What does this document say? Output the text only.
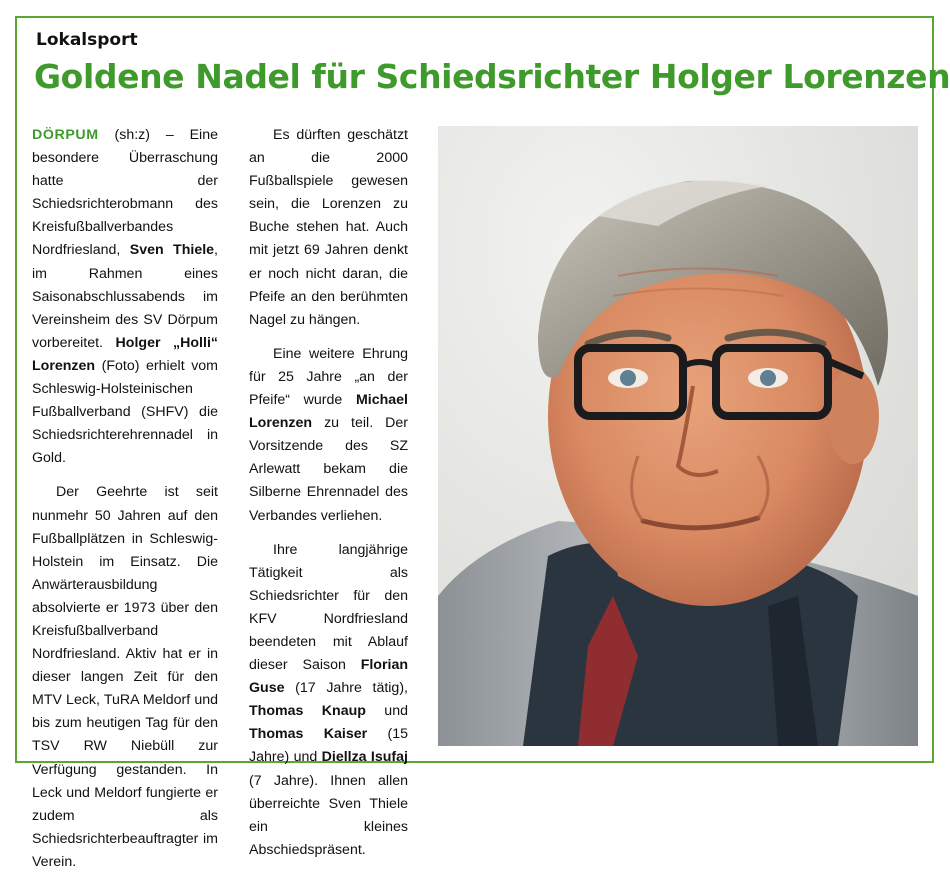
Lokalsport
Goldene Nadel für Schiedsrichter Holger Lorenzen

DÖRPUM (sh:z) – Eine besondere Überraschung hatte der Schiedsrichterobmann des Kreisfußballverbandes Nordfriesland, Sven Thiele, im Rahmen eines Saisonabschlussabends im Vereinsheim des SV Dörpum vorbereitet. Holger „Holli“ Lorenzen (Foto) erhielt vom Schleswig-Holsteinischen Fußballverband (SHFV) die Schiedsrichterehrennadel in Gold.

Der Geehrte ist seit nunmehr 50 Jahren auf den Fußballplätzen in Schleswig-Holstein im Einsatz. Die Anwärterausbildung absolvierte er 1973 über den Kreisfußballverband Nordfriesland. Aktiv hat er in dieser langen Zeit für den MTV Leck, TuRA Meldorf und bis zum heutigen Tag für den TSV RW Niebüll zur Verfügung gestanden. In Leck und Meldorf fungierte er zudem als Schiedsrichterbeauftragter im Verein.

Es dürften geschätzt an die 2000 Fußballspiele gewesen sein, die Lorenzen zu Buche stehen hat. Auch mit jetzt 69 Jahren denkt er noch nicht daran, die Pfeife an den berühmten Nagel zu hängen.

Eine weitere Ehrung für 25 Jahre „an der Pfeife“ wurde Michael Lorenzen zu teil. Der Vorsitzende des SZ Arlewatt bekam die Silberne Ehrennadel des Verbandes verliehen.

Ihre langjährige Tätigkeit als Schiedsrichter für den KFV Nordfriesland beendeten mit Ablauf dieser Saison Florian Guse (17 Jahre tätig), Thomas Knaup und Thomas Kaiser (15 Jahre) und Diellza Isufaj (7 Jahre). Ihnen allen überreichte Sven Thiele ein kleines Abschiedspräsent.
